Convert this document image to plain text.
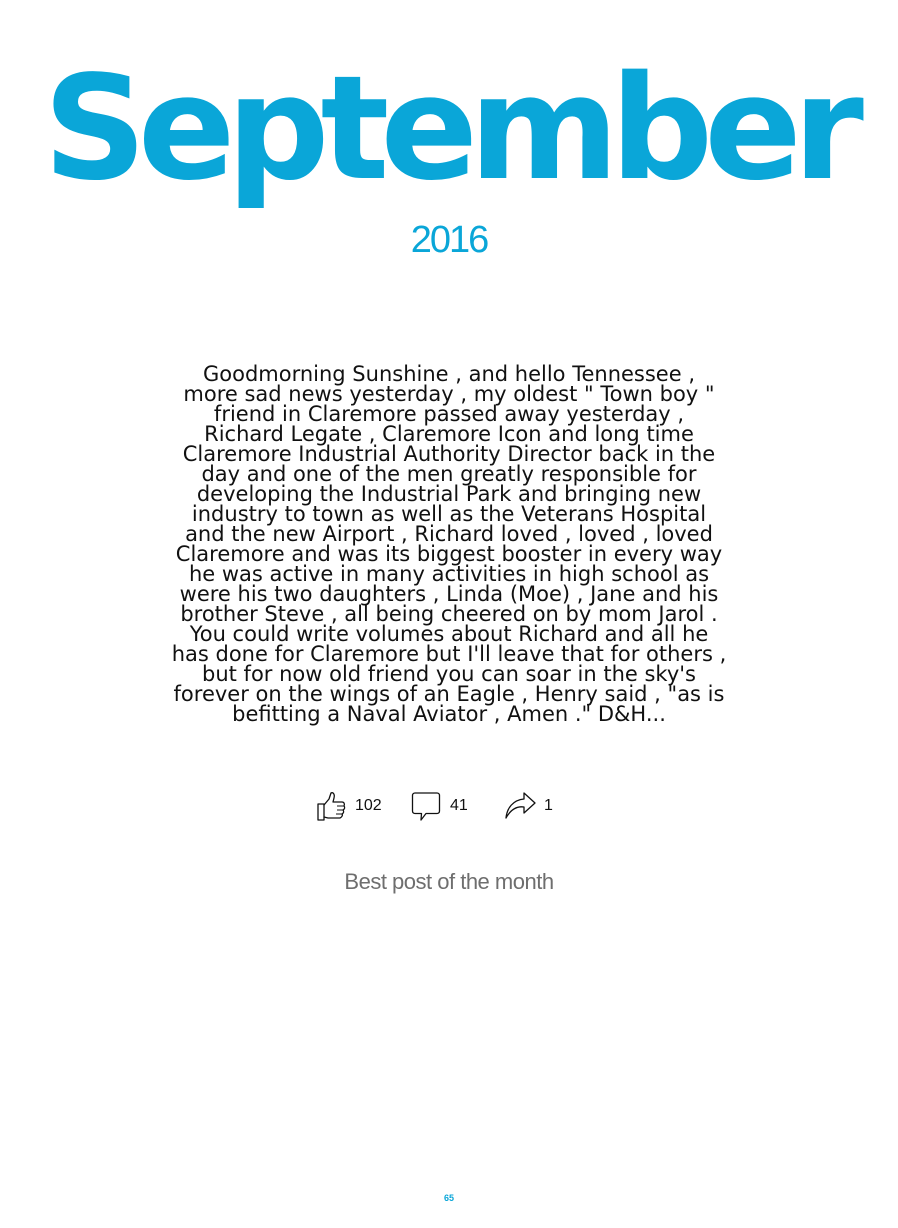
September
2016
Goodmorning Sunshine , and hello Tennessee ,
more sad news yesterday , my oldest " Town boy "
friend in Claremore passed away yesterday ,
Richard Legate , Claremore Icon and long time
Claremore Industrial Authority Director back in the
day and one of the men greatly responsible for
developing the Industrial Park and bringing new
industry to town as well as the Veterans Hospital
and the new Airport , Richard loved , loved , loved
Claremore and was its biggest booster in every way
he was active in many activities in high school as
were his two daughters , Linda (Moe) , Jane and his
brother Steve , all being cheered on by mom Jarol .
You could write volumes about Richard and all he
has done for Claremore but I'll leave that for others ,
but for now old friend you can soar in the sky's
forever on the wings of an Eagle , Henry said , "as is
befitting a Naval Aviator , Amen ." D&H...
102	41	1
Best post of the month
65
